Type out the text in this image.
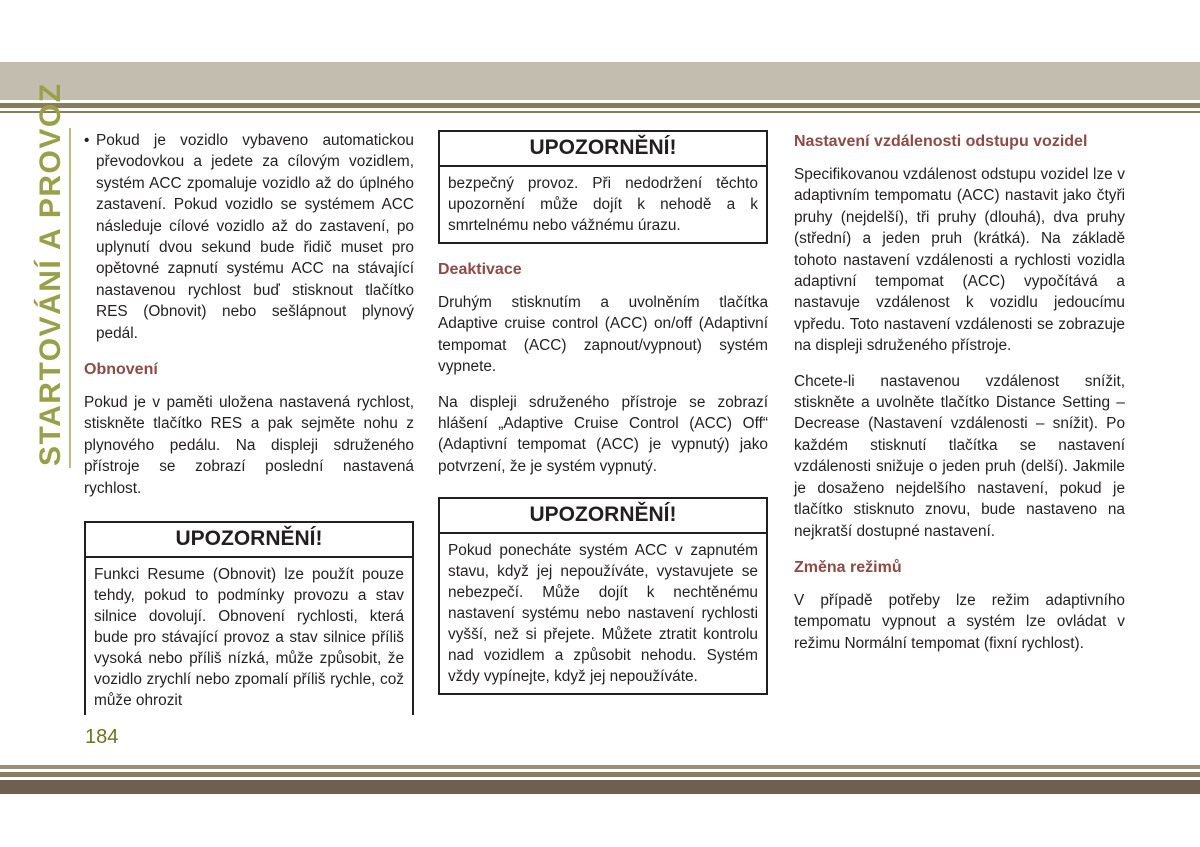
STARTOVÁNÍ A PROVOZ • Pokud je vozidlo vybaveno automatickou převodovkou a jedete za cílovým vozidlem, systém ACC zpomaluje vozidlo až do úplného zastavení. Pokud vozidlo se systémem ACC následuje cílové vozidlo až do zastavení, po uplynutí dvou sekund bude řidič muset pro opětovné zapnutí systému ACC na stávající nastavenou rychlost buď stisknout tlačítko RES (Obnovit) nebo sešlápnout plynový pedál.
Obnovení

Pokud je v paměti uložena nastavená rychlost, stiskněte tlačítko RES a pak sejměte nohu z plynového pedálu. Na displeji sdruženého přístroje se zobrazí poslední nastavená rychlost.

UPOZORNĚNÍ!
Funkci Resume (Obnovit) lze použít pouze tehdy, pokud to podmínky provozu a stav silnice dovolují. Obnovení rychlosti, která bude pro stávající provoz a stav silnice příliš vysoká nebo příliš nízká, může způsobit, že vozidlo zrychlí nebo zpomalí příliš rychle, což může ohrozit
UPOZORNĚNÍ!
bezpečný provoz. Při nedodržení těchto upozornění může dojít k nehodě a k smrtelnému nebo vážnému úrazu.
Deaktivace

Druhým stisknutím a uvolněním tlačítka Adaptive cruise control (ACC) on/off (Adaptivní tempomat (ACC) zapnout/vypnout) systém vypnete.

Na displeji sdruženého přístroje se zobrazí hlášení „Adaptive Cruise Control (ACC) Off“ (Adaptivní tempomat (ACC) je vypnutý) jako potvrzení, že je systém vypnutý.

UPOZORNĚNÍ!
Pokud ponecháte systém ACC v zapnutém stavu, když jej nepoužíváte, vystavujete se nebezpečí. Může dojít k nechtěnému nastavení systému nebo nastavení rychlosti vyšší, než si přejete. Můžete ztratit kontrolu nad vozidlem a způsobit nehodu. Systém vždy vypínejte, když jej nepoužíváte.
Nastavení vzdálenosti odstupu vozidel

Specifikovanou vzdálenost odstupu vozidel lze v adaptivním tempomatu (ACC) nastavit jako čtyři pruhy (nejdelší), tři pruhy (dlouhá), dva pruhy (střední) a jeden pruh (krátká). Na základě tohoto nastavení vzdálenosti a rychlosti vozidla adaptivní tempomat (ACC) vypočítává a nastavuje vzdálenost k vozidlu jedoucímu vpředu. Toto nastavení vzdálenosti se zobrazuje na displeji sdruženého přístroje.

Chcete-li nastavenou vzdálenost snížit, stiskněte a uvolněte tlačítko Distance Setting – Decrease (Nastavení vzdálenosti – snížit). Po každém stisknutí tlačítka se nastavení vzdálenosti snižuje o jeden pruh (delší). Jakmile je dosaženo nejdelšího nastavení, pokud je tlačítko stisknuto znovu, bude nastaveno na nejkratší dostupné nastavení.

Změna režimů

V případě potřeby lze režim adaptivního tempomatu vypnout a systém lze ovládat v režimu Normální tempomat (fixní rychlost).

184
